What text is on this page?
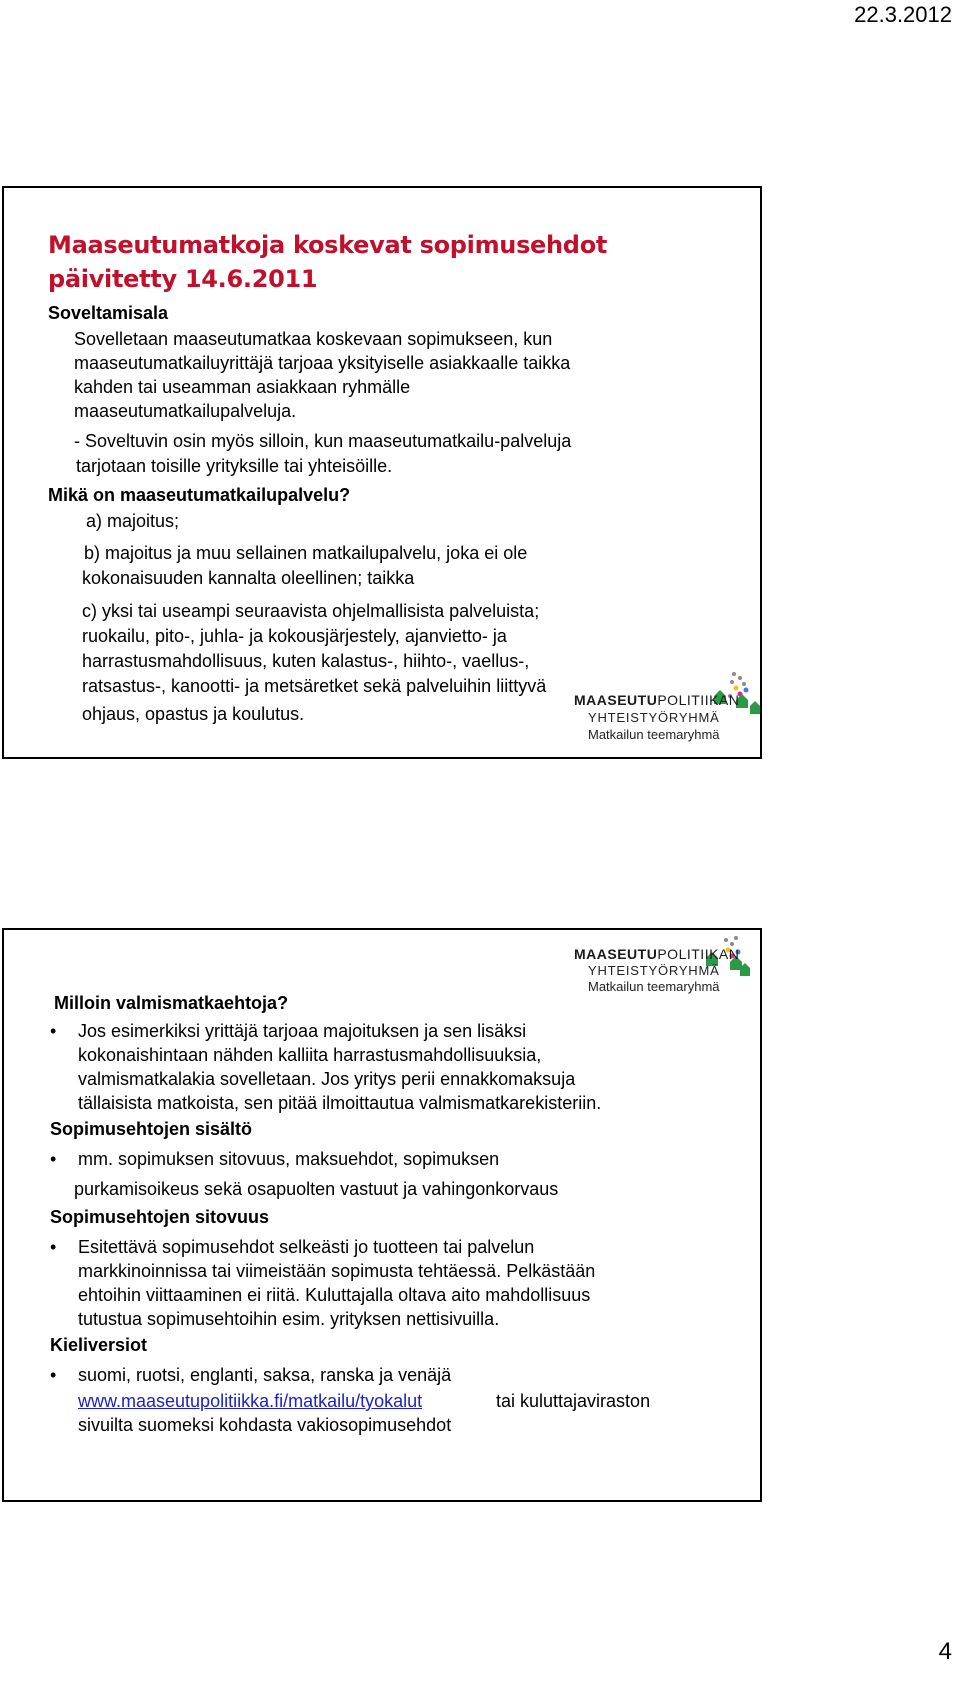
22.3.2012
Maaseutumatkoja koskevat sopimusehdot päivitetty 14.6.2011
Soveltamisala
Sovelletaan maaseutumatkaa koskevaan sopimukseen, kun
maaseutumatkailuyrittäjä tarjoaa yksityiselle asiakkaalle taikka
kahden tai useamman asiakkaan ryhmälle
maaseutumatkailupalveluja.
- Soveltuvin osin myös silloin, kun maaseutumatkailu-palveluja
tarjotaan toisille yrityksille tai yhteisöille.
Mikä on maaseutumatkailupalvelu?
a) majoitus;
b) majoitus ja muu sellainen matkailupalvelu, joka ei ole
kokonaisuuden kannalta oleellinen; taikka
c) yksi tai useampi seuraavista ohjelmallisista palveluista;
ruokailu, pito-, juhla- ja kokousjärjestely, ajanvietto- ja
harrastusmahdollisuus, kuten kalastus-, hiihto-, vaellus-,
ratsastus-, kanootti- ja metsäretket sekä palveluihin liittyvä
ohjaus, opastus ja koulutus.
MAASEUTUPOLITIIKAN
YHTEISTYÖRYHMÄ
Matkailun teemaryhmä
MAASEUTUPOLITIIKAN
YHTEISTYÖRYHMÄ
Matkailun teemaryhmä
Milloin valmismatkaehtoja?
• Jos esimerkiksi yrittäjä tarjoaa majoituksen ja sen lisäksi
kokonaishintaan nähden kalliita harrastusmahdollisuuksia,
valmismatkalakia sovelletaan. Jos yritys perii ennakkomaksuja
tällaisista matkoista, sen pitää ilmoittautua valmismatkarekisteriin.
Sopimusehtojen sisältö
• mm. sopimuksen sitovuus, maksuehdot, sopimuksen
purkamisoikeus sekä osapuolten vastuut ja vahingonkorvaus
Sopimusehtojen sitovuus
• Esitettävä sopimusehdot selkeästi jo tuotteen tai palvelun
markkinoinnissa tai viimeistään sopimusta tehtäessä. Pelkästään
ehtoihin viittaaminen ei riitä. Kuluttajalla oltava aito mahdollisuus
tutustua sopimusehtoihin esim. yrityksen nettisivuilla.
Kieliversiot
• suomi, ruotsi, englanti, saksa, ranska ja venäjä
www.maaseutupolitiikka.fi/matkailu/tyokalut	tai kuluttajaviraston
sivuilta suomeksi kohdasta vakiosopimusehdot
4
